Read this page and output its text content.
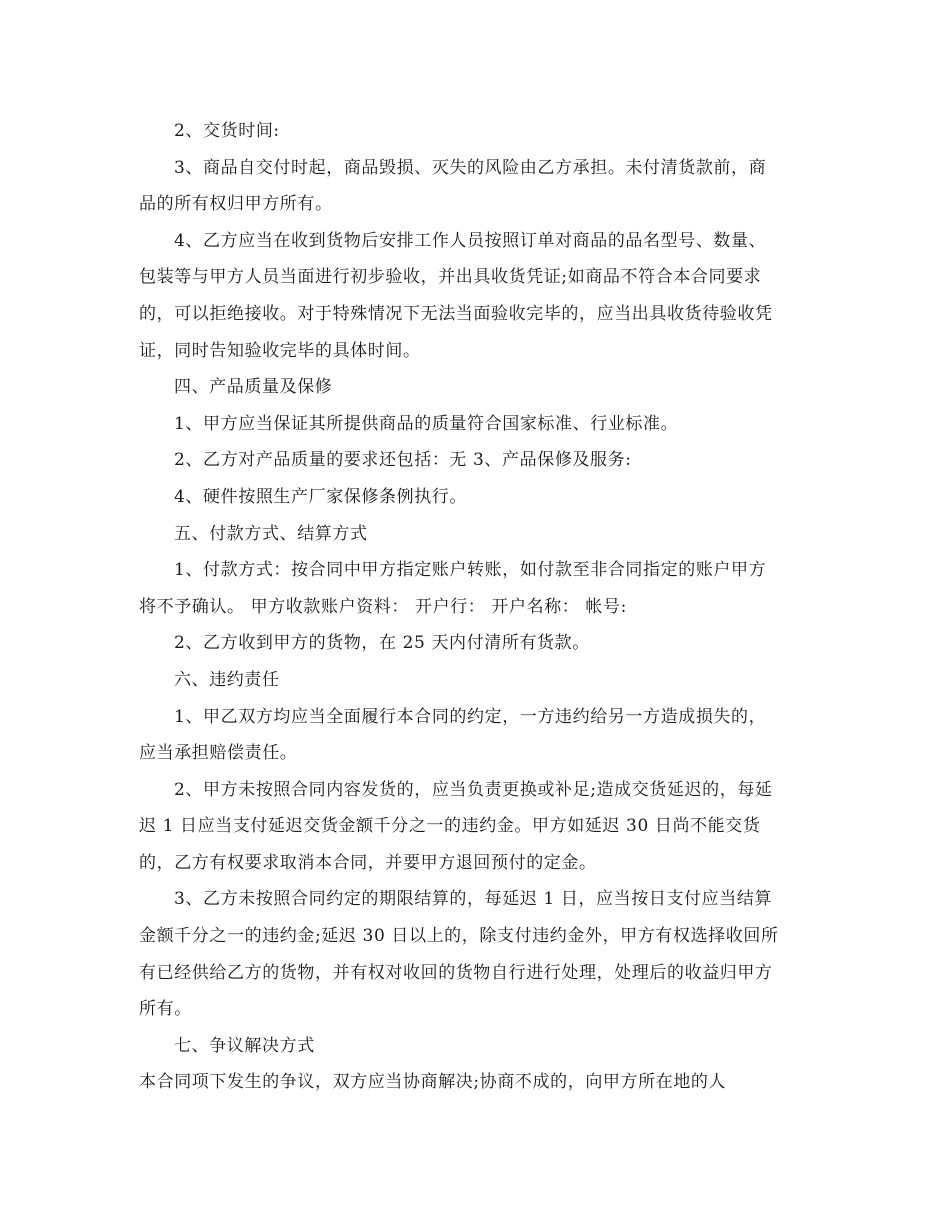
2、交货时间:

3、商品自交付时起，商品毁损、灭失的风险由乙方承担。未付清货款前，商
品的所有权归甲方所有。

4、乙方应当在收到货物后安排工作人员按照订单对商品的品名型号、数量、
包装等与甲方人员当面进行初步验收，并出具收货凭证;如商品不符合本合同要求
的，可以拒绝接收。对于特殊情况下无法当面验收完毕的，应当出具收货待验收凭
证，同时告知验收完毕的具体时间。

四、产品质量及保修

1、甲方应当保证其所提供商品的质量符合国家标准、行业标准。

2、乙方对产品质量的要求还包括：无 3、产品保修及服务:

4、硬件按照生产厂家保修条例执行。

五、付款方式、结算方式

1、付款方式：按合同中甲方指定账户转账，如付款至非合同指定的账户甲方
将不予确认。 甲方收款账户资料： 开户行： 开户名称： 帐号:

2、乙方收到甲方的货物，在 25 天内付清所有货款。

六、违约责任

1、甲乙双方均应当全面履行本合同的约定，一方违约给另一方造成损失的，
应当承担赔偿责任。

2、甲方未按照合同内容发货的，应当负责更换或补足;造成交货延迟的，每延
迟 1 日应当支付延迟交货金额千分之一的违约金。甲方如延迟 30 日尚不能交货
的，乙方有权要求取消本合同，并要甲方退回预付的定金。

3、乙方未按照合同约定的期限结算的，每延迟 1 日，应当按日支付应当结算
金额千分之一的违约金;延迟 30 日以上的，除支付违约金外，甲方有权选择收回所
有已经供给乙方的货物，并有权对收回的货物自行进行处理，处理后的收益归甲方
所有。

七、争议解决方式

本合同项下发生的争议，双方应当协商解决;协商不成的，向甲方所在地的人
